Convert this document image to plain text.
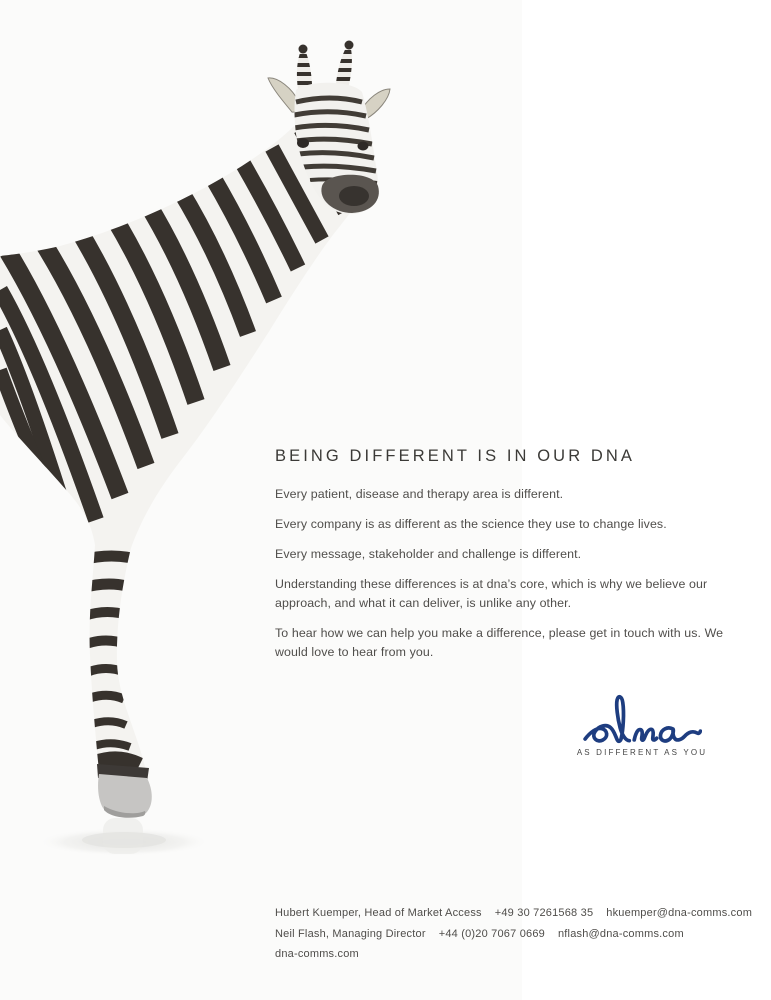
BEING DIFFERENT IS IN OUR DNA

Every patient, disease and therapy area is different.

Every company is as different as the science they use to change lives.

Every message, stakeholder and challenge is different.

Understanding these differences is at dna’s core, which is why we believe our approach, and what it can deliver, is unlike any other.

To hear how we can help you make a difference, please get in touch with us. We would love to hear from you.

AS DIFFERENT AS YOU
Hubert Kuemper, Head of Market Access    +49 30 7261568 35    hkuemper@dna-comms.com
Neil Flash, Managing Director    +44 (0)20 7067 0669    nflash@dna-comms.com
dna-comms.com
